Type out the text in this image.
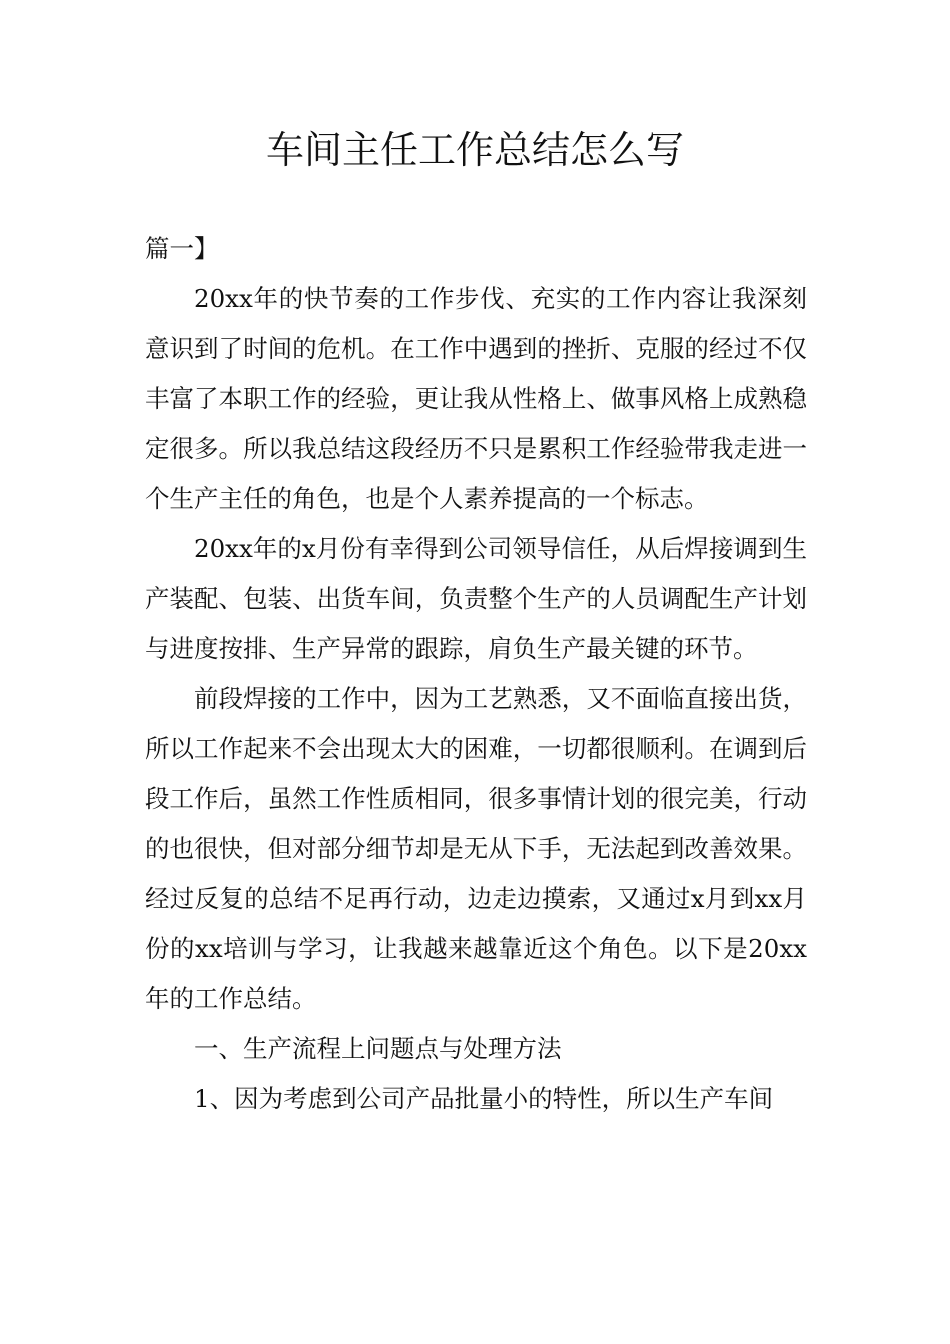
车间主任工作总结怎么写

篇一】

20xx年的快节奏的工作步伐、充实的工作内容让我深刻意识到了时间的危机。在工作中遇到的挫折、克服的经过不仅丰富了本职工作的经验，更让我从性格上、做事风格上成熟稳定很多。所以我总结这段经历不只是累积工作经验带我走进一个生产主任的角色，也是个人素养提高的一个标志。

20xx年的x月份有幸得到公司领导信任，从后焊接调到生产装配、包装、出货车间，负责整个生产的人员调配生产计划与进度按排、生产异常的跟踪，肩负生产最关键的环节。

前段焊接的工作中，因为工艺熟悉，又不面临直接出货，所以工作起来不会出现太大的困难，一切都很顺利。在调到后段工作后，虽然工作性质相同，很多事情计划的很完美，行动的也很快，但对部分细节却是无从下手，无法起到改善效果。经过反复的总结不足再行动，边走边摸索，又通过x月到xx月份的xx培训与学习，让我越来越靠近这个角色。以下是20xx年的工作总结。

一、生产流程上问题点与处理方法

1、因为考虑到公司产品批量小的特性，所以生产车间
